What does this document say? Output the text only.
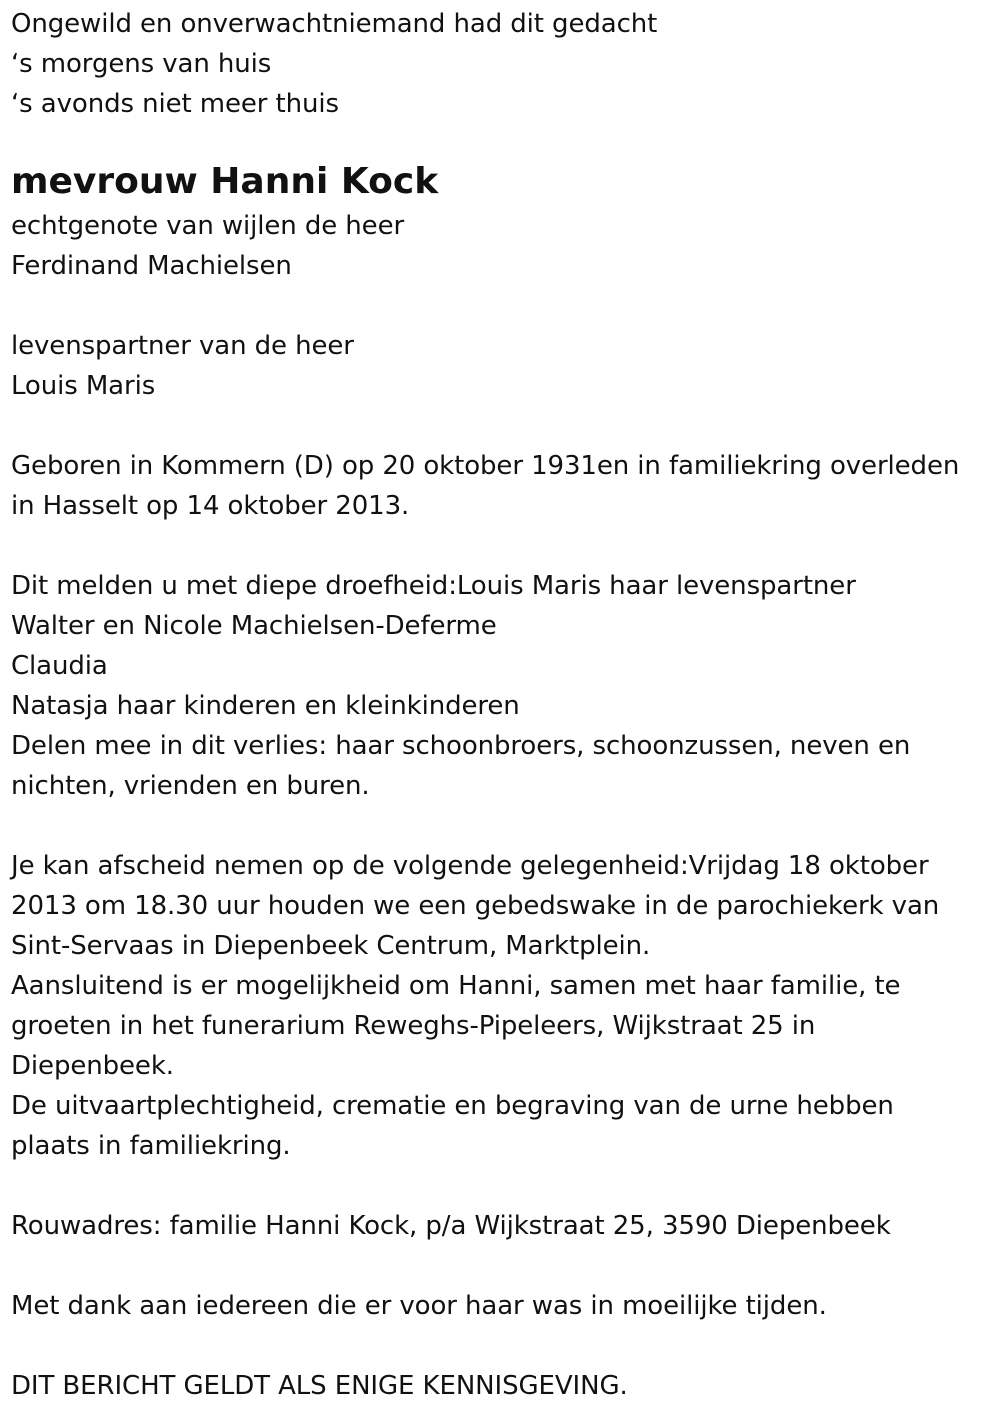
Ongewild en onverwachtniemand had dit gedacht
‘s morgens van huis
‘s avonds niet meer thuis
mevrouw Hanni Kock
echtgenote van wijlen de heer
Ferdinand Machielsen
levenspartner van de heer
Louis Maris
Geboren in Kommern (D) op 20 oktober 1931en in familiekring overleden
in Hasselt op 14 oktober 2013.
Dit melden u met diepe droefheid:Louis Maris haar levenspartner
Walter en Nicole Machielsen-Deferme
Claudia
Natasja haar kinderen en kleinkinderen
Delen mee in dit verlies: haar schoonbroers, schoonzussen, neven en
nichten, vrienden en buren.
Je kan afscheid nemen op de volgende gelegenheid:Vrijdag 18 oktober
2013 om 18.30 uur houden we een gebedswake in de parochiekerk van
Sint-Servaas in Diepenbeek Centrum, Marktplein.
Aansluitend is er mogelijkheid om Hanni, samen met haar familie, te
groeten in het funerarium Reweghs-Pipeleers, Wijkstraat 25 in
Diepenbeek.
De uitvaartplechtigheid, crematie en begraving van de urne hebben
plaats in familiekring.
Rouwadres: familie Hanni Kock, p/a Wijkstraat 25, 3590 Diepenbeek
Met dank aan iedereen die er voor haar was in moeilijke tijden.
DIT BERICHT GELDT ALS ENIGE KENNISGEVING.
